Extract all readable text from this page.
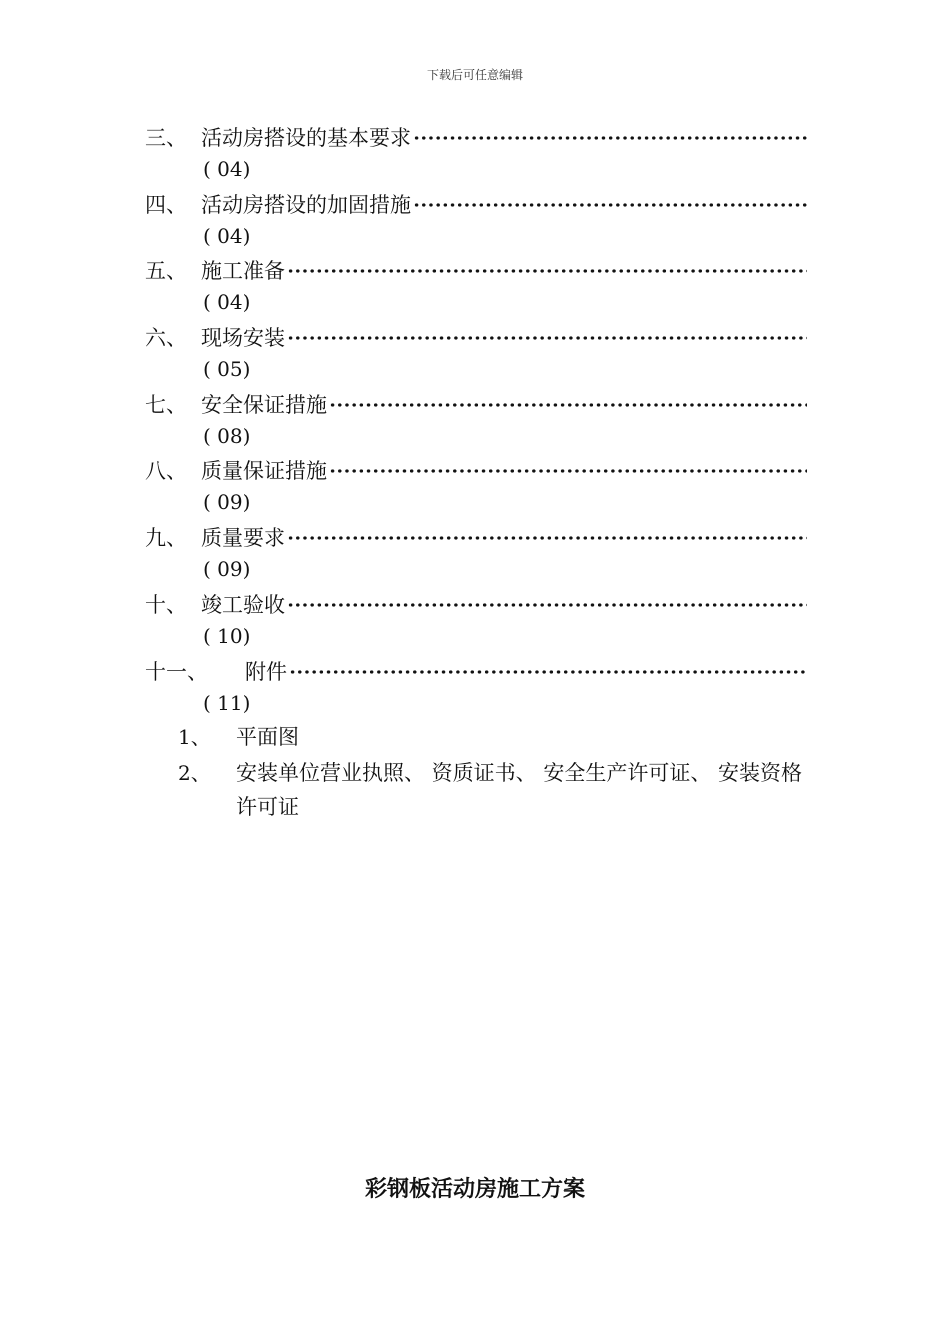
下载后可任意编辑
三、 活动房搭设的基本要求
( 04)
四、 活动房搭设的加固措施
( 04)
五、 施工准备
( 04)
六、 现场安装
( 05)
七、 安全保证措施
( 08)
八、 质量保证措施
( 09)
九、 质量要求
( 09)
十、 竣工验收
( 10)
十一、	附件
( 11)
1、 平面图
2、 安装单位营业执照、 资质证书、 安全生产许可证、 安装资格许可证
彩钢板活动房施工方案
